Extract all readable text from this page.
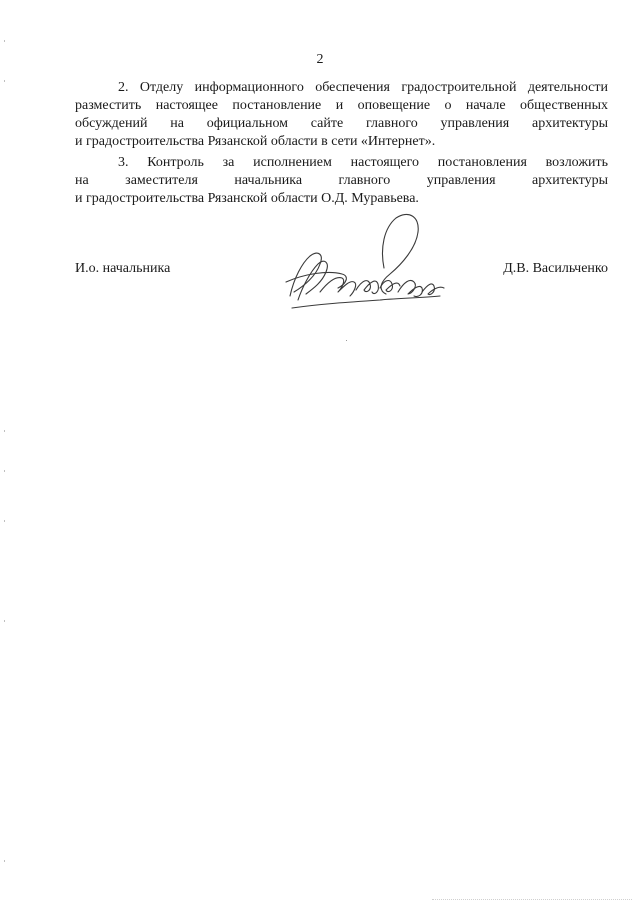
2
2. Отделу информационного обеспечения градостроительной деятельности
разместить настоящее постановление и оповещение о начале общественных
обсуждений на официальном сайте главного управления архитектуры
и градостроительства Рязанской области в сети «Интернет».
3. Контроль за исполнением настоящего постановления возложить
на заместителя начальника главного управления архитектуры
и градостроительства Рязанской области О.Д. Муравьева.
И.о. начальника	Д.В. Васильченко
